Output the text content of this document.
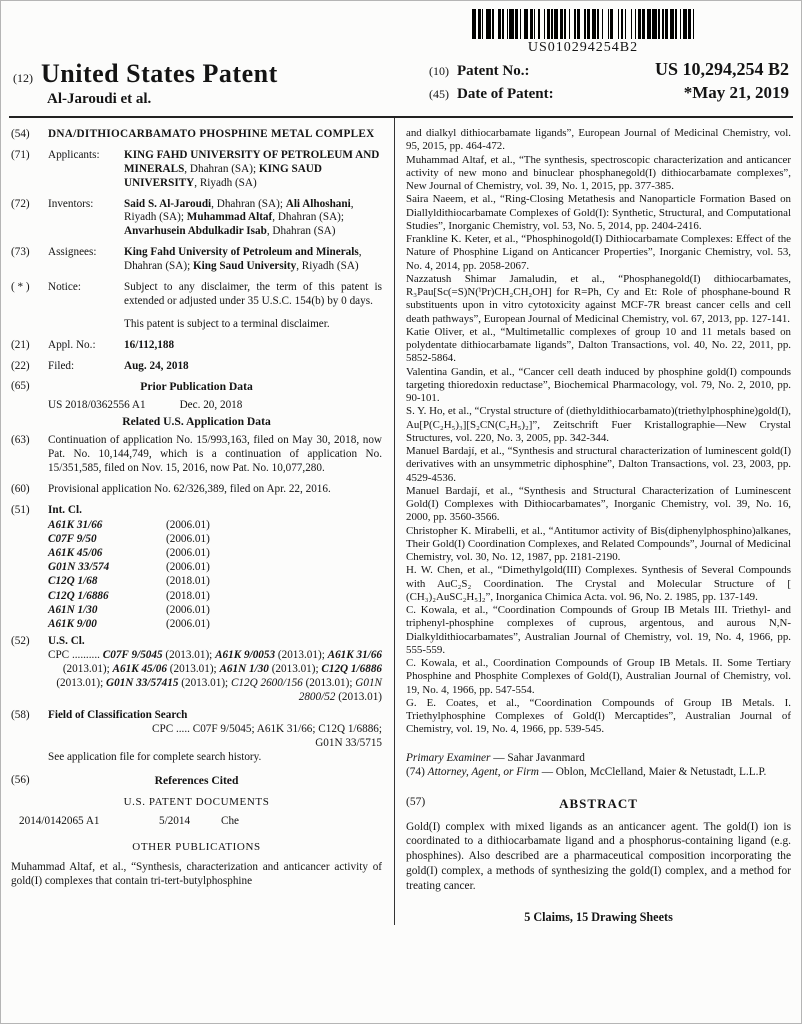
US010294254B2
(12) United States Patent
Al-Jaroudi et al.
(10) Patent No.:	US 10,294,254 B2
(45) Date of Patent:	*May 21, 2019
(54)	DNA/DITHIOCARBAMATO PHOSPHINE METAL COMPLEX
(71)	Applicants:	KING FAHD UNIVERSITY OF PETROLEUM AND MINERALS, Dhahran (SA); KING SAUD UNIVERSITY, Riyadh (SA)
(72)	Inventors:	Said S. Al-Jaroudi, Dhahran (SA); Ali Alhoshani, Riyadh (SA); Muhammad Altaf, Dhahran (SA); Anvarhusein Abdulkadir Isab, Dhahran (SA)
(73)	Assignees:	King Fahd University of Petroleum and Minerals, Dhahran (SA); King Saud University, Riyadh (SA)
( * )	Notice:	Subject to any disclaimer, the term of this patent is extended or adjusted under 35 U.S.C. 154(b) by 0 days.
This patent is subject to a terminal disclaimer.
(21)	Appl. No.:	16/112,188
(22)	Filed:	Aug. 24, 2018
(65)	Prior Publication Data
US 2018/0362556 A1	Dec. 20, 2018
Related U.S. Application Data
(63)	Continuation of application No. 15/993,163, filed on May 30, 2018, now Pat. No. 10,144,749, which is a continuation of application No. 15/351,585, filed on Nov. 15, 2016, now Pat. No. 10,077,280.
(60)	Provisional application No. 62/326,389, filed on Apr. 22, 2016.
(51)	Int. Cl.
A61K 31/66	(2006.01)
C07F 9/50	(2006.01)
A61K 45/06	(2006.01)
G01N 33/574	(2006.01)
C12Q 1/68	(2018.01)
C12Q 1/6886	(2018.01)
A61N 1/30	(2006.01)
A61K 9/00	(2006.01)
(52)	U.S. Cl.
CPC .......... C07F 9/5045 (2013.01); A61K 9/0053 (2013.01); A61K 31/66 (2013.01); A61K 45/06 (2013.01); A61N 1/30 (2013.01); C12Q 1/6886 (2013.01); G01N 33/57415 (2013.01); C12Q 2600/156 (2013.01); G01N 2800/52 (2013.01)
(58)	Field of Classification Search
CPC ..... C07F 9/5045; A61K 31/66; C12Q 1/6886;
G01N 33/5715
See application file for complete search history.
(56)	References Cited
U.S. PATENT DOCUMENTS
2014/0142065 A1	5/2014	Che
OTHER PUBLICATIONS
Muhammad Altaf, et al., “Synthesis, characterization and anticancer activity of gold(I) complexes that contain tri-tert-butylphosphine
and dialkyl dithiocarbamate ligands”, European Journal of Medicinal Chemistry, vol. 95, 2015, pp. 464-472.
Muhammad Altaf, et al., “The synthesis, spectroscopic characterization and anticancer activity of new mono and binuclear phosphanegold(I) dithiocarbamate complexes”, New Journal of Chemistry, vol. 39, No. 1, 2015, pp. 377-385.
Saira Naeem, et al., “Ring-Closing Metathesis and Nanoparticle Formation Based on Diallyldithiocarbamate Complexes of Gold(I): Synthetic, Structural, and Computational Studies”, Inorganic Chemistry, vol. 53, No. 5, 2014, pp. 2404-2416.
Frankline K. Keter, et al., “Phosphinogold(I) Dithiocarbamate Complexes: Effect of the Nature of Phosphine Ligand on Anticancer Properties”, Inorganic Chemistry, vol. 53, No. 4, 2014, pp. 2058-2067.
Nazzatush Shimar Jamaludin, et al., “Phosphanegold(I) dithiocarbamates, R₃Pau[Sc(=S)N(ⁱPr)CH₂CH₂OH] for R=Ph, Cy and Et: Role of phosphane-bound R substituents upon in vitro cytotoxicity against MCF-7R breast cancer cells and cell death pathways”, European Journal of Medicinal Chemistry, vol. 67, 2013, pp. 127-141.
Katie Oliver, et al., “Multimetallic complexes of group 10 and 11 metals based on polydentate dithiocarbamate ligands”, Dalton Transactions, vol. 40, No. 22, 2011, pp. 5852-5864.
Valentina Gandin, et al., “Cancer cell death induced by phosphine gold(I) compounds targeting thioredoxin reductase”, Biochemical Pharmacology, vol. 79, No. 2, 2010, pp. 90-101.
S. Y. Ho, et al., “Crystal structure of (diethyldithiocarbamato)(triethylphosphine)gold(I), Au[P(C₂H₅)₃][S₂CN(C₂H₅)₂]”, Zeitschrift Fuer Kristallographie—New Crystal Structures, vol. 220, No. 3, 2005, pp. 342-344.
Manuel Bardají, et al., “Synthesis and structural characterization of luminescent gold(I) derivatives with an unsymmetric diphosphine”, Dalton Transactions, vol. 23, 2003, pp. 4529-4536.
Manuel Bardají, et al., “Synthesis and Structural Characterization of Luminescent Gold(I) Complexes with Dithiocarbamates”, Inorganic Chemistry, vol. 39, No. 16, 2000, pp. 3560-3566.
Christopher K. Mirabelli, et al., “Antitumor activity of Bis(diphenylphosphino)alkanes, Their Gold(I) Coordination Complexes, and Related Compounds”, Journal of Medicinal Chemistry, vol. 30, No. 12, 1987, pp. 2181-2190.
H. W. Chen, et al., “Dimethylgold(III) Complexes. Synthesis of Several Compounds with AuC₂S₂ Coordination. The Crystal and Molecular Structure of [ (CH₃)₂AuSC₂H₅]₂”, Inorganica Chimica Acta. vol. 96, No. 2. 1985, pp. 137-149.
C. Kowala, et al., “Coordination Compounds of Group IB Metals III. Triethyl- and triphenyl-phosphine complexes of cuprous, argentous, and aurous N,N-Dialkyldithiocarbamates”, Australian Journal of Chemistry, vol. 19, No. 4, 1966, pp. 555-559.
C. Kowala, et al., Coordination Compounds of Group IB Metals. II. Some Tertiary Phosphine and Phosphite Complexes of Gold(I), Australian Journal of Chemistry, vol. 19, No. 4, 1966, pp. 547-554.
G. E. Coates, et al., “Coordination Compounds of Group IB Metals. I. Triethylphosphine Complexes of Gold(l) Mercaptides”, Australian Journal of Chemistry, vol. 19, No. 4, 1966, pp. 539-545.
Primary Examiner — Sahar Javanmard
(74) Attorney, Agent, or Firm — Oblon, McClelland, Maier & Netustadt, L.L.P.
(57)	ABSTRACT
Gold(I) complex with mixed ligands as an anticancer agent. The gold(I) ion is coordinated to a dithiocarbamate ligand and a phosphorus-containing ligand (e.g. phosphines). Also described are a pharmaceutical composition incorporating the gold(I) complex, a methods of synthesizing the gold(I) complex, and a method for treating cancer.
5 Claims, 15 Drawing Sheets
